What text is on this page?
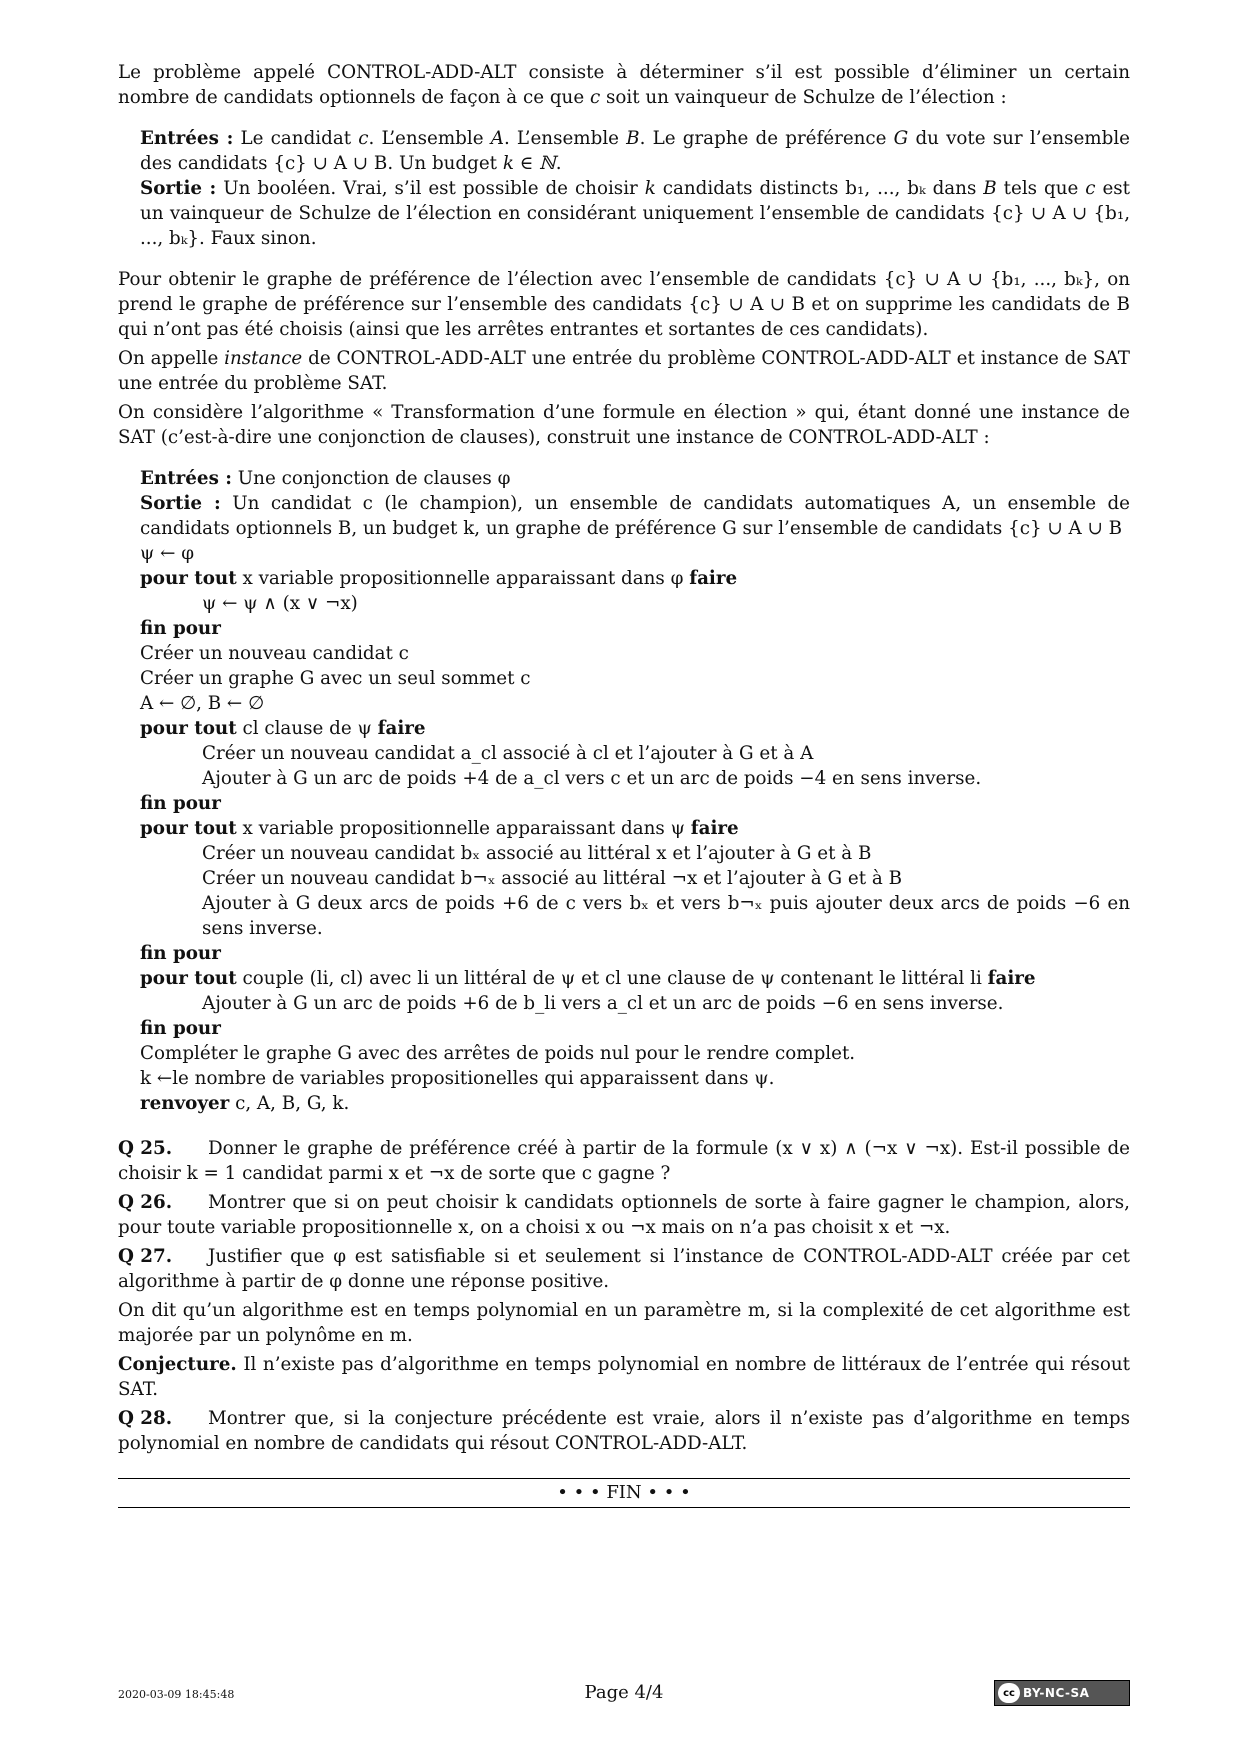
Le problème appelé CONTROL-ADD-ALT consiste à déterminer s’il est possible d’éliminer un certain nombre de candidats optionnels de façon à ce que c soit un vainqueur de Schulze de l’élection :

Entrées : Le candidat c. L’ensemble A. L’ensemble B. Le graphe de préférence G du vote sur l’ensemble des candidats {c} ∪ A ∪ B. Un budget k ∈ ℕ.

Sortie : Un booléen. Vrai, s’il est possible de choisir k candidats distincts b₁, ..., bₖ dans B tels que c est un vainqueur de Schulze de l’élection en considérant uniquement l’ensemble de candidats {c} ∪ A ∪ {b₁, ..., bₖ}. Faux sinon.

Pour obtenir le graphe de préférence de l’élection avec l’ensemble de candidats {c} ∪ A ∪ {b₁, ..., bₖ}, on prend le graphe de préférence sur l’ensemble des candidats {c} ∪ A ∪ B et on supprime les candidats de B qui n’ont pas été choisis (ainsi que les arrêtes entrantes et sortantes de ces candidats).

On appelle instance de CONTROL-ADD-ALT une entrée du problème CONTROL-ADD-ALT et instance de SAT une entrée du problème SAT.

On considère l’algorithme « Transformation d’une formule en élection » qui, étant donné une instance de SAT (c’est-à-dire une conjonction de clauses), construit une instance de CONTROL-ADD-ALT :

Entrées : Une conjonction de clauses φ

Sortie : Un candidat c (le champion), un ensemble de candidats automatiques A, un ensemble de candidats optionnels B, un budget k, un graphe de préférence G sur l’ensemble de candidats {c} ∪ A ∪ B

ψ ← φ

pour tout x variable propositionnelle apparaissant dans φ faire

ψ ← ψ ∧ (x ∨ ¬x)

fin pour

Créer un nouveau candidat c

Créer un graphe G avec un seul sommet c

A ← ∅, B ← ∅

pour tout cl clause de ψ faire

Créer un nouveau candidat a_cl associé à cl et l’ajouter à G et à A

Ajouter à G un arc de poids +4 de a_cl vers c et un arc de poids −4 en sens inverse.

fin pour

pour tout x variable propositionnelle apparaissant dans ψ faire

Créer un nouveau candidat bₓ associé au littéral x et l’ajouter à G et à B

Créer un nouveau candidat b¬ₓ associé au littéral ¬x et l’ajouter à G et à B

Ajouter à G deux arcs de poids +6 de c vers bₓ et vers b¬ₓ puis ajouter deux arcs de poids −6 en sens inverse.

fin pour

pour tout couple (li, cl) avec li un littéral de ψ et cl une clause de ψ contenant le littéral li faire

Ajouter à G un arc de poids +6 de b_li vers a_cl et un arc de poids −6 en sens inverse.

fin pour

Compléter le graphe G avec des arrêtes de poids nul pour le rendre complet.

k ←le nombre de variables propositionelles qui apparaissent dans ψ.

renvoyer c, A, B, G, k.

Q 25. Donner le graphe de préférence créé à partir de la formule (x ∨ x) ∧ (¬x ∨ ¬x). Est-il possible de choisir k = 1 candidat parmi x et ¬x de sorte que c gagne ?

Q 26. Montrer que si on peut choisir k candidats optionnels de sorte à faire gagner le champion, alors, pour toute variable propositionnelle x, on a choisi x ou ¬x mais on n’a pas choisit x et ¬x.

Q 27. Justifier que φ est satisfiable si et seulement si l’instance de CONTROL-ADD-ALT créée par cet algorithme à partir de φ donne une réponse positive.

On dit qu’un algorithme est en temps polynomial en un paramètre m, si la complexité de cet algorithme est majorée par un polynôme en m.

Conjecture. Il n’existe pas d’algorithme en temps polynomial en nombre de littéraux de l’entrée qui résout SAT.

Q 28. Montrer que, si la conjecture précédente est vraie, alors il n’existe pas d’algorithme en temps polynomial en nombre de candidats qui résout CONTROL-ADD-ALT.

• • • FIN • • •

2020-03-09 18:45:48	Page 4/4	cc BY-NC-SA
